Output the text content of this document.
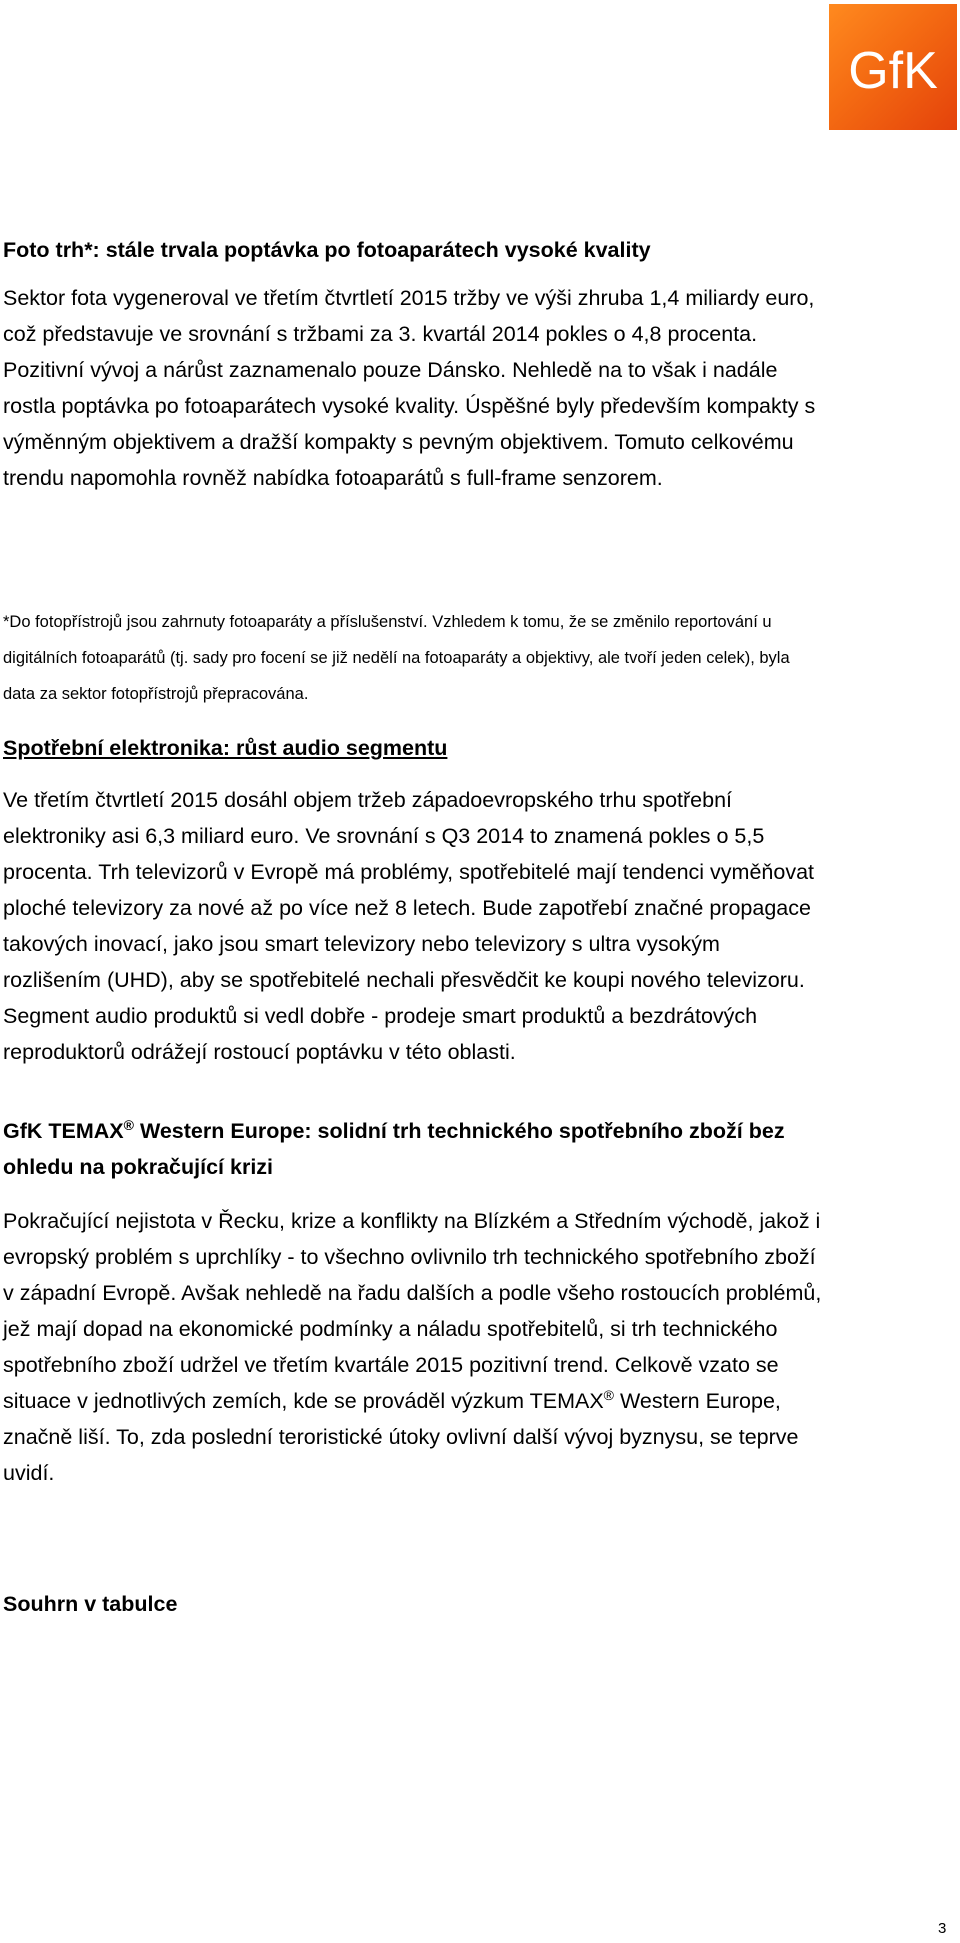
GfK
Foto trh*: stále trvala poptávka po fotoaparátech vysoké kvality

Sektor fota vygeneroval ve třetím čtvrtletí 2015 tržby ve výši zhruba 1,4 miliardy euro, což představuje ve srovnání s tržbami za 3. kvartál 2014 pokles o 4,8 procenta. Pozitivní vývoj a nárůst zaznamenalo pouze Dánsko. Nehledě na to však i nadále rostla poptávka po fotoaparátech vysoké kvality. Úspěšné byly především kompakty s výměnným objektivem a dražší kompakty s pevným objektivem. Tomuto celkovému trendu napomohla rovněž nabídka fotoaparátů s full-frame senzorem.

*Do fotopřístrojů jsou zahrnuty fotoaparáty a příslušenství. Vzhledem k tomu, že se změnilo reportování u digitálních fotoaparátů (tj. sady pro focení se již nedělí na fotoaparáty a objektivy, ale tvoří jeden celek), byla data za sektor fotopřístrojů přepracována.

Spotřební elektronika: růst audio segmentu

Ve třetím čtvrtletí 2015 dosáhl objem tržeb západoevropského trhu spotřební elektroniky asi 6,3 miliard euro. Ve srovnání s Q3 2014 to znamená pokles o 5,5 procenta. Trh televizorů v Evropě má problémy, spotřebitelé mají tendenci vyměňovat ploché televizory za nové až po více než 8 letech. Bude zapotřebí značné propagace takových inovací, jako jsou smart televizory nebo televizory s ultra vysokým rozlišením (UHD), aby se spotřebitelé nechali přesvědčit ke koupi nového televizoru. Segment audio produktů si vedl dobře - prodeje smart produktů a bezdrátových reproduktorů odrážejí rostoucí poptávku v této oblasti.

GfK TEMAX® Western Europe: solidní trh technického spotřebního zboží bez ohledu na pokračující krizi

Pokračující nejistota v Řecku, krize a konflikty na Blízkém a Středním východě, jakož i evropský problém s uprchlíky - to všechno ovlivnilo trh technického spotřebního zboží v západní Evropě. Avšak nehledě na řadu dalších a podle všeho rostoucích problémů, jež mají dopad na ekonomické podmínky a náladu spotřebitelů, si trh technického spotřebního zboží udržel ve třetím kvartále 2015 pozitivní trend. Celkově vzato se situace v jednotlivých zemích, kde se prováděl výzkum TEMAX® Western Europe, značně liší. To, zda poslední teroristické útoky ovlivní další vývoj byznysu, se teprve uvidí.

Souhrn v tabulce
3
